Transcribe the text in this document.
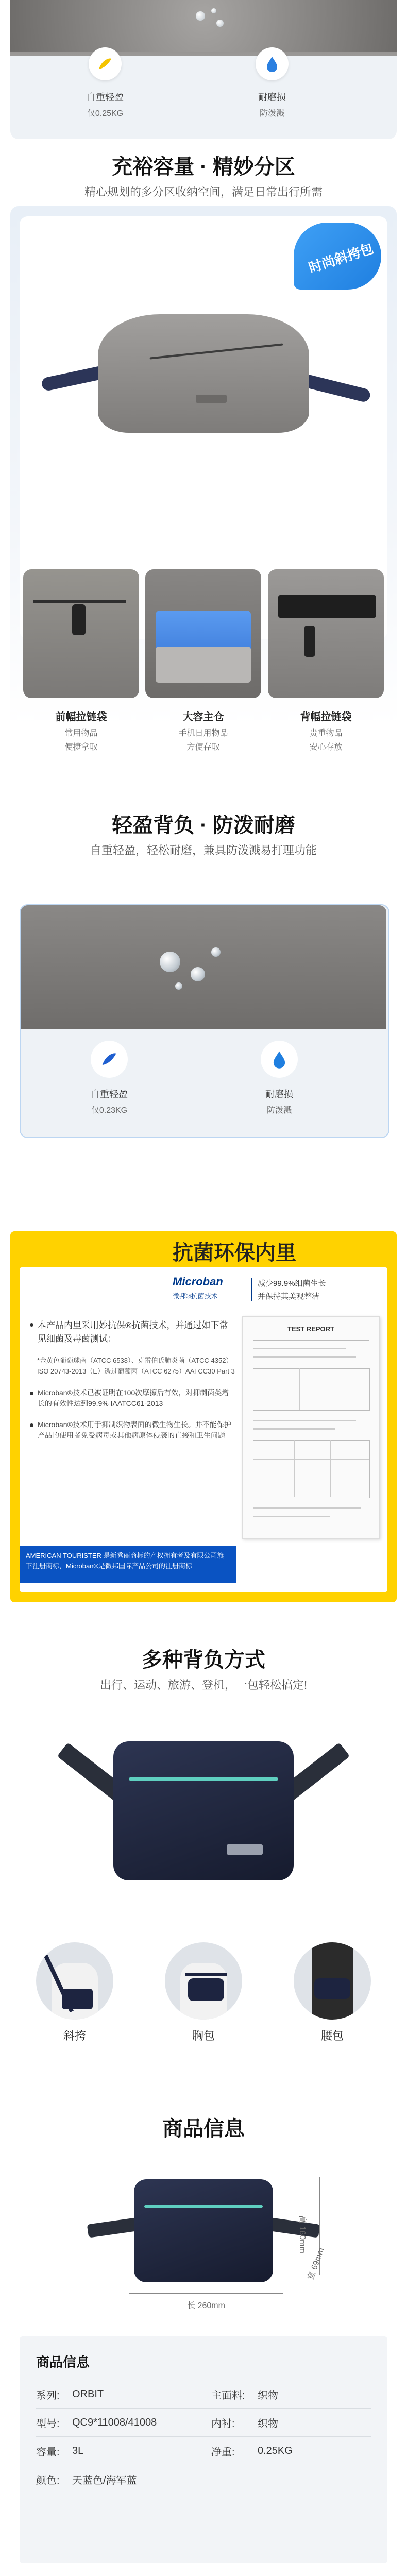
自重轻盈
仅0.25KG
耐磨损
防泼溅
充裕容量 · 精妙分区
精心规划的多分区收纳空间，满足日常出行所需
时尚斜挎包
前幅拉链袋
常用物品
便捷拿取
大容主仓
手机日用物品
方便存取
背幅拉链袋
贵重物品
安心存放
轻盈背负 · 防泼耐磨
自重轻盈，轻松耐磨，兼具防泼溅易打理功能
自重轻盈
仅0.23KG
耐磨损
防泼溅
抗菌环保内里
Microban
微邦®抗菌技术
减少99.9%细菌生长
并保持其美观整洁
本产品内里采用妙抗保®抗菌技术，并通过如下常见细菌及毒菌测试：
*金黄色葡萄球菌（ATCC 6538）、克雷伯氏肺炎菌（ATCC 4352）ISO 20743-2013（E）透过葡萄菌（ATCC 6275）AATCC30 Part 3
Microban®技术已被证明在100次摩擦后有效，对抑制菌类增长的有效性达到99.9% IAATCC61-2013
Microban®技术用于抑制织物表面的微生物生长。并不能保护产品的使用者免受病毒或其他病原体侵袭的直接和卫生问题
TEST REPORT
AMERICAN TOURISTER 是新秀丽商标的产权拥有者及有限公司旗下注册商标，Microban®是微邦国际产品公司的注册商标
多种背负方式
出行、运动、旅游、登机，一包轻松搞定!
斜挎	胸包	腰包
商品信息
高 160mm
长 260mm
宽 69mm
商品信息
系列:	ORBIT	主面料:	织物
型号:	QC9*11008/41008	内衬:	织物
容量:	3L	净重:	0.25KG
颜色:	天蓝色/海军蓝
